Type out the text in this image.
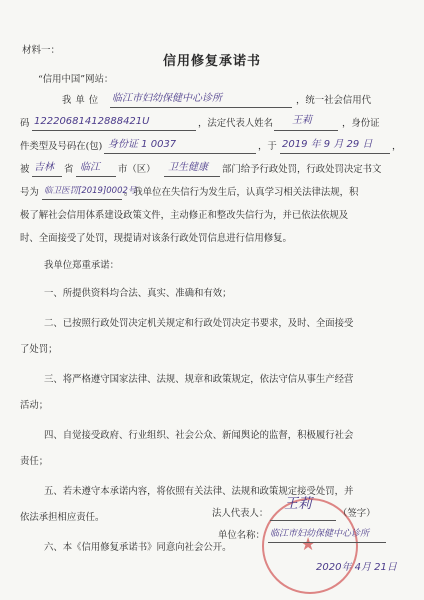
材料一：
信用修复承诺书
“信用中国”网站：
我单位 临江市妇幼保健中心诊所	，统一社会信用代
码 12220681412888421U	，法定代表人姓名 王莉	，身份证
件类型及号码在(包) 身份证 1 0037	，于 2019 年 9 月 29 日 ，
被 吉林 省 临江 市（区） 卫生健康 部门给予行政处罚，行政处罚决定书文
号为 临卫医罚[2019]0002号
。我单位在失信行为发生后，认真学习相关法律法规，积
极了解社会信用体系建设政策文件，主动修正和整改失信行为，并已依法依规及
时、全面接受了处罚，现提请对该条行政处罚信息进行信用修复。
我单位郑重承诺：
一、所提供资料均合法、真实、准确和有效；
二、已按照行政处罚决定机关规定和行政处罚决定书要求，及时、全面接受
了处罚；
三、将严格遵守国家法律、法规、规章和政策规定，依法守信从事生产经营
活动；
四、自觉接受政府、行业组织、社会公众、新闻舆论的监督，积极履行社会
责任；
五、若未遵守本承诺内容，将依照有关法律、法规和政策规定接受处罚，并
依法承担相应责任。
六、本《信用修复承诺书》同意向社会公开。	★
法人代表人：
王莉
（签字）
单位名称： 临江市妇幼保健中心诊所
2020年 4月 21日
